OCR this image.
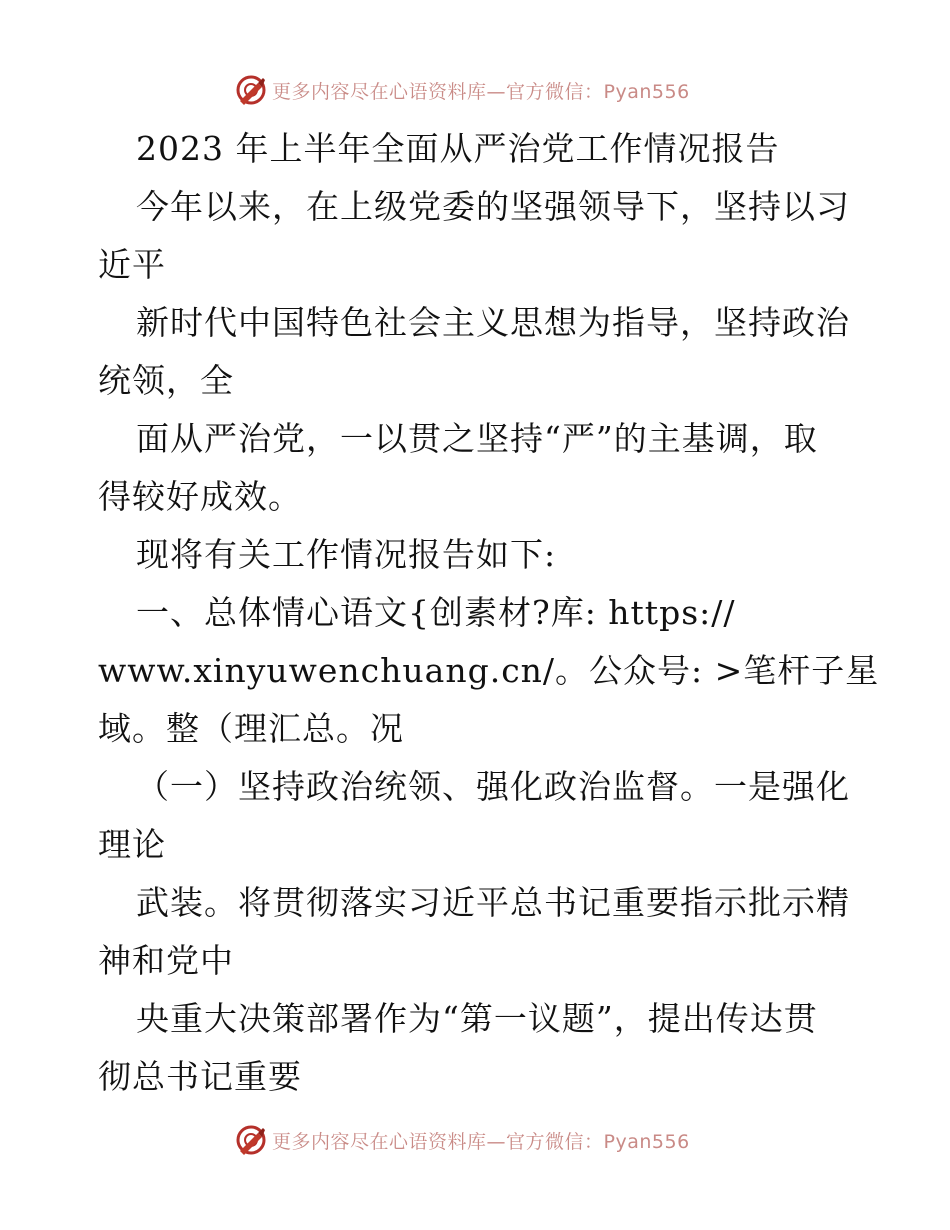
更多内容尽在心语资料库—官方微信：Pyan556
2023 年上半年全面从严治党工作情况报告
今年以来，在上级党委的坚强领导下，坚持以习
近平
新时代中国特色社会主义思想为指导，坚持政治
统领，全
面从严治党，一以贯之坚持“严”的主基调，取
得较好成效。
现将有关工作情况报告如下:
一、总体情心语文{创素材?库: https://
www.xinyuwenchuang.cn/。公众号: >笔杆子星
域。整（理汇总。况
（一）坚持政治统领、强化政治监督。一是强化
理论
武装。将贯彻落实习近平总书记重要指示批示精
神和党中
央重大决策部署作为“第一议题”，提出传达贯
彻总书记重要
更多内容尽在心语资料库—官方微信：Pyan556
